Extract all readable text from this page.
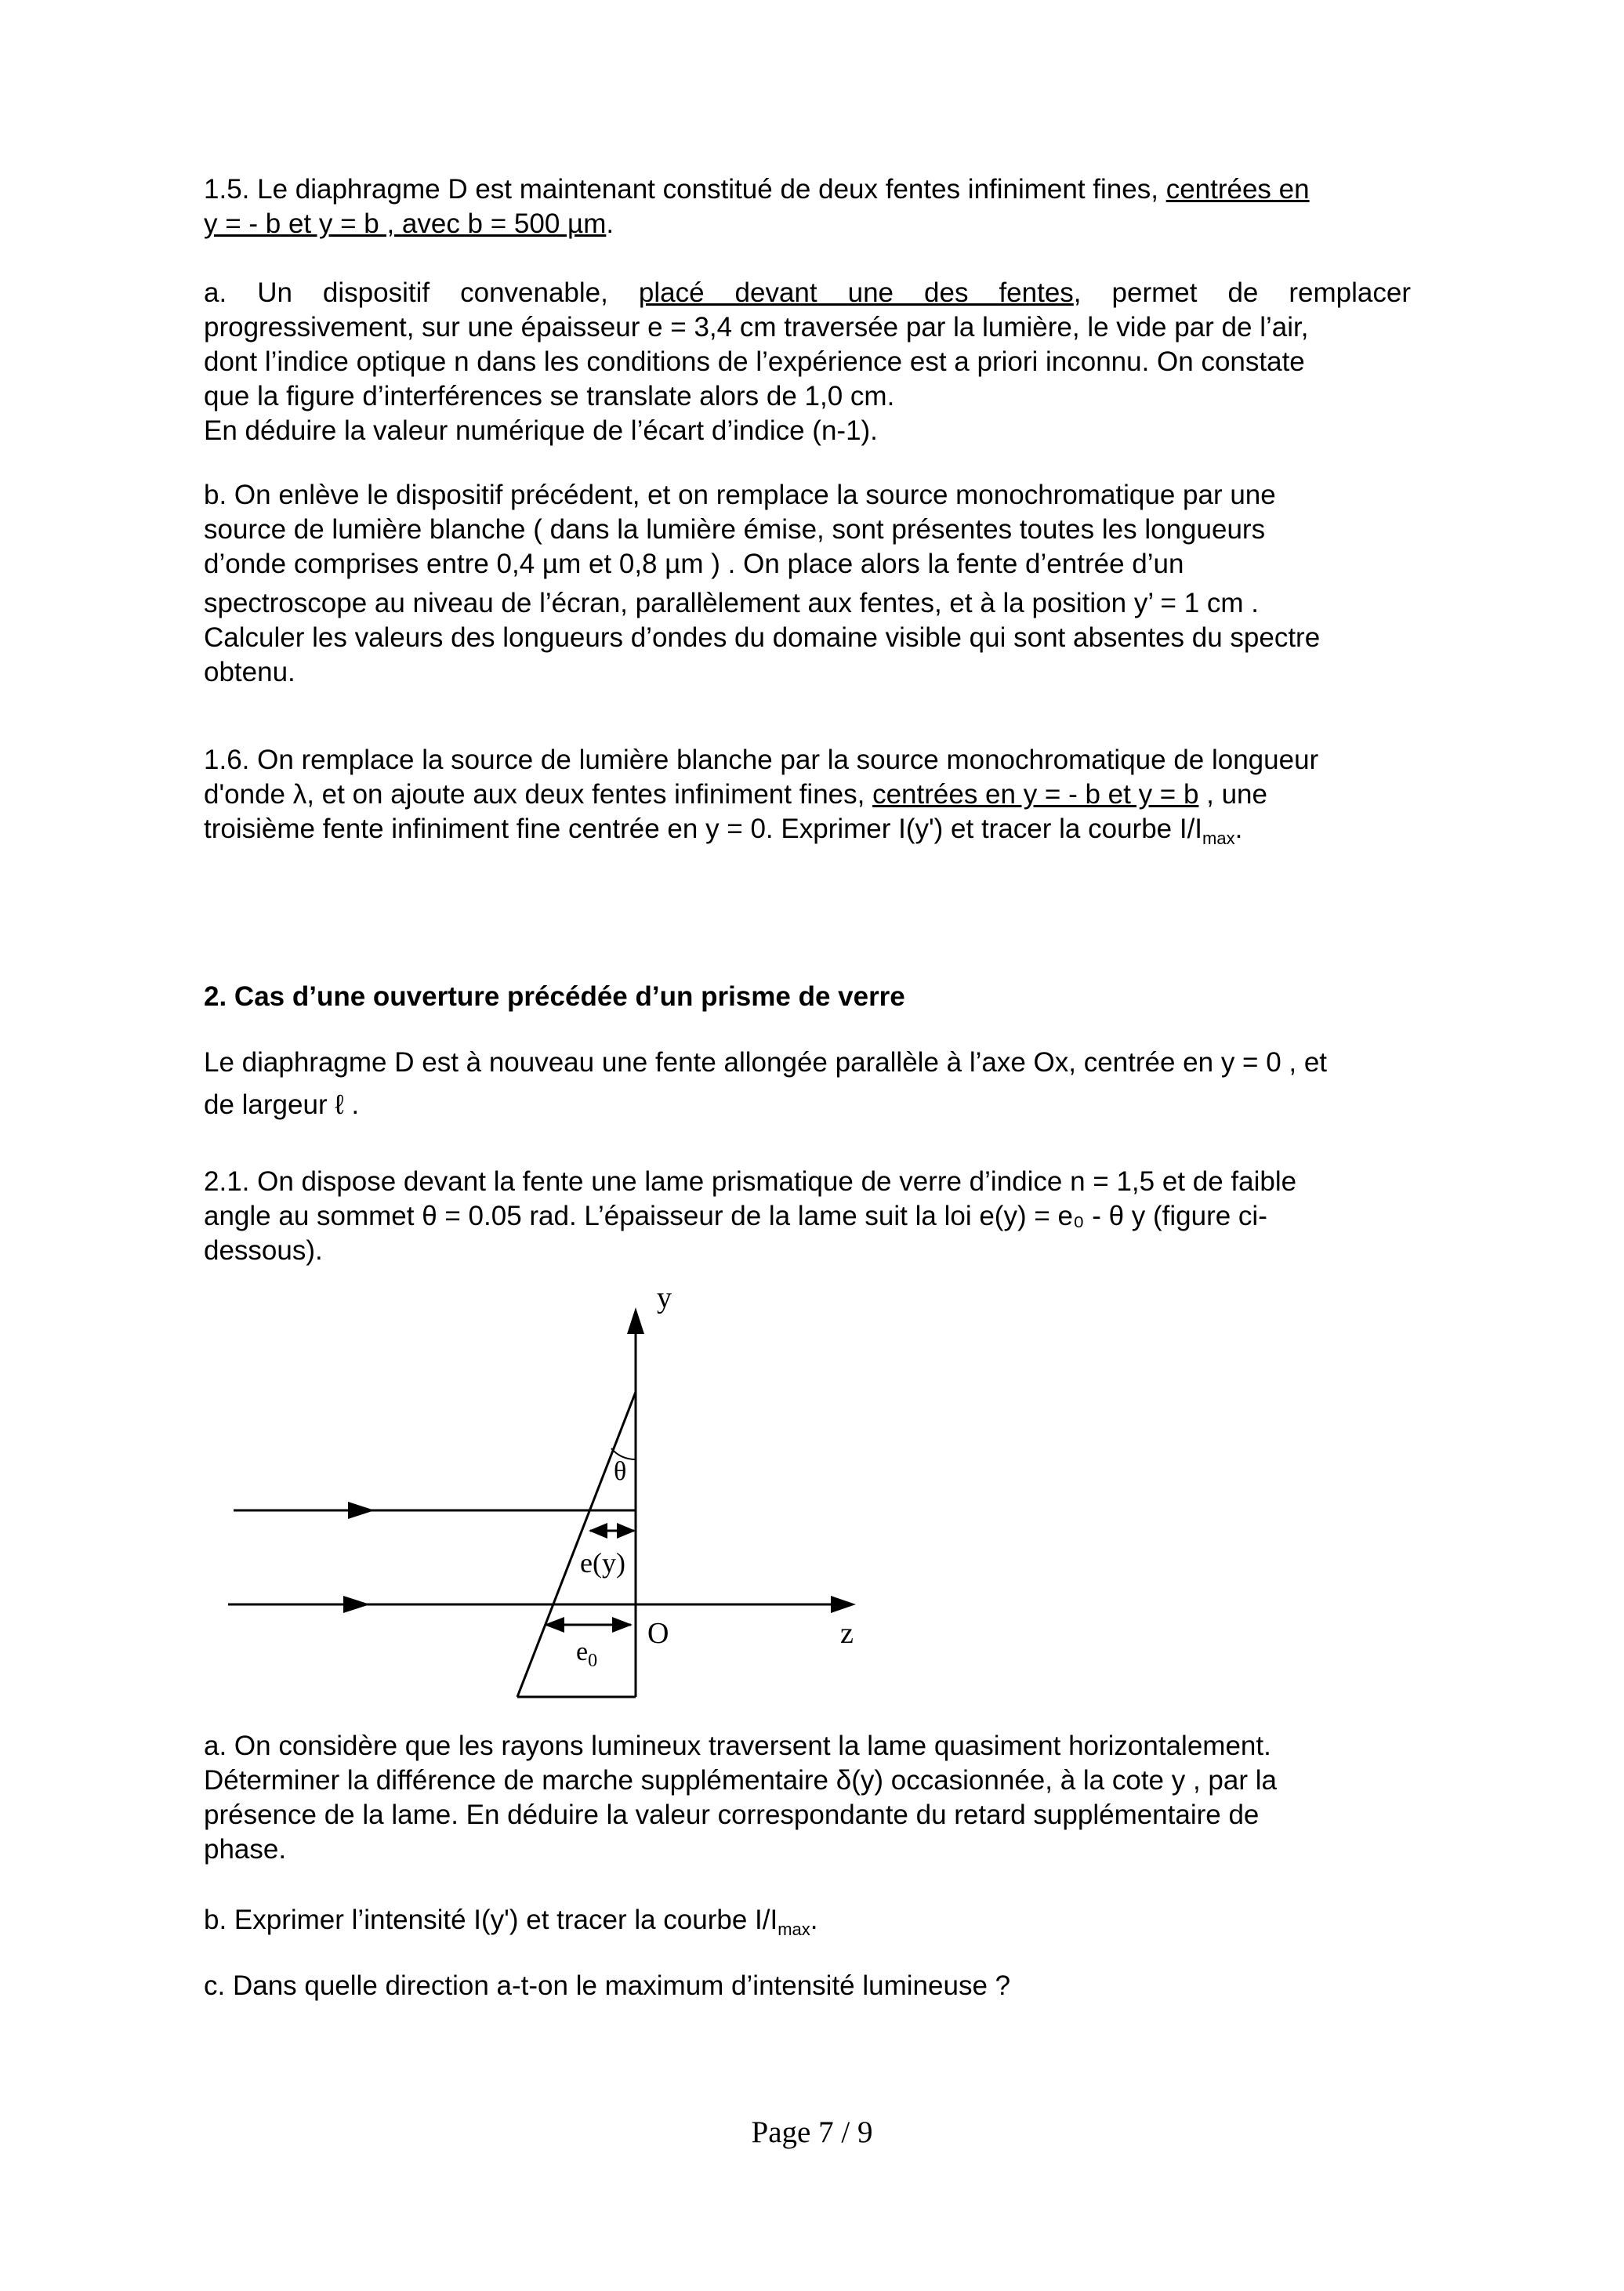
1.5. Le diaphragme D est maintenant constitué de deux fentes infiniment fines, centrées en
y = - b et y = b , avec b = 500 µm.

a. Un dispositif convenable, placé devant une des fentes, permet de remplacer
progressivement, sur une épaisseur e = 3,4 cm traversée par la lumière, le vide par de l’air,
dont l’indice optique n dans les conditions de l’expérience est a priori inconnu. On constate
que la figure d’interférences se translate alors de 1,0 cm.
En déduire la valeur numérique de l’écart d’indice (n-1).

b. On enlève le dispositif précédent, et on remplace la source monochromatique par une
source de lumière blanche ( dans la lumière émise, sont présentes toutes les longueurs
d’onde comprises entre 0,4 µm et 0,8 µm ) . On place alors la fente d’entrée d’un
spectroscope au niveau de l’écran, parallèlement aux fentes, et à la position y’ = 1 cm .
Calculer les valeurs des longueurs d’ondes du domaine visible qui sont absentes du spectre
obtenu.

1.6. On remplace la source de lumière blanche par la source monochromatique de longueur
d'onde λ, et on ajoute aux deux fentes infiniment fines, centrées en y = - b et y = b , une
troisième fente infiniment fine centrée en y = 0. Exprimer I(y') et tracer la courbe $I/I_{max}$.

2. Cas d’une ouverture précédée d’un prisme de verre

Le diaphragme D est à nouveau une fente allongée parallèle à l’axe Ox, centrée en y = 0 , et
de largeur ℓ .

2.1. On dispose devant la fente une lame prismatique de verre d’indice n = 1,5 et de faible
angle au sommet θ = 0.05 rad. L’épaisseur de la lame suit la loi e(y) = e₀ - θ y (figure ci-
dessous).

y
θ
e(y)
$e_0$
O	z

a. On considère que les rayons lumineux traversent la lame quasiment horizontalement.
Déterminer la différence de marche supplémentaire δ(y) occasionnée, à la cote y , par la
présence de la lame. En déduire la valeur correspondante du retard supplémentaire de
phase.

b. Exprimer l’intensité I(y') et tracer la courbe $I/I_{max}$.

c. Dans quelle direction a-t-on le maximum d’intensité lumineuse ?

Page 7 / 9
